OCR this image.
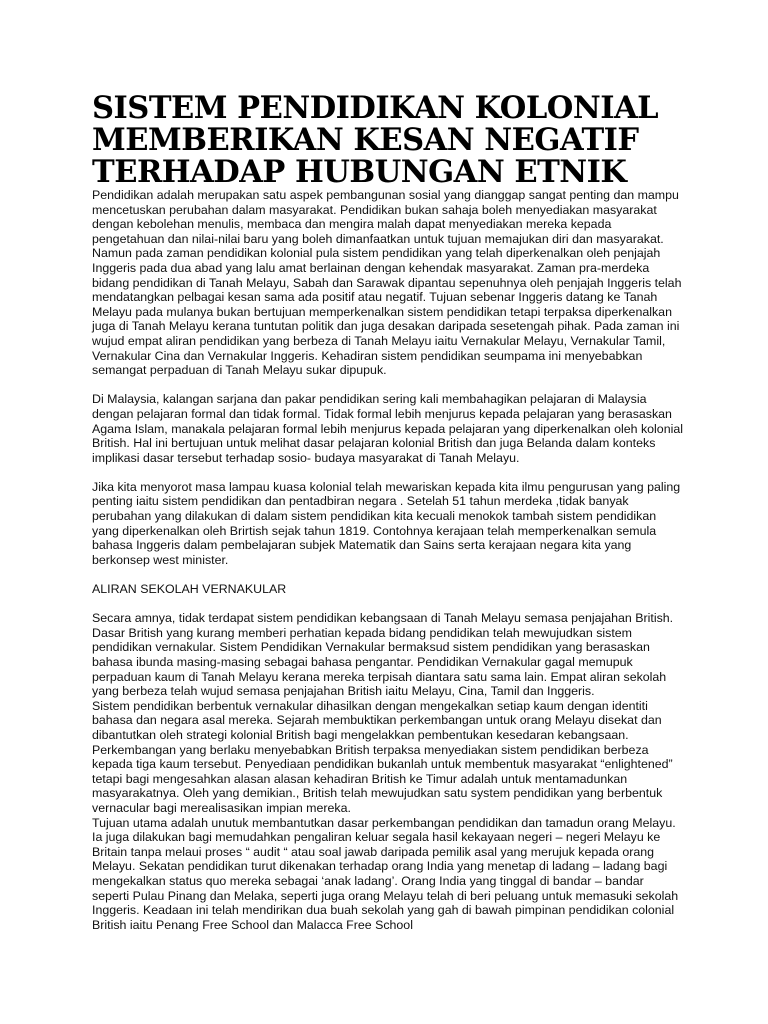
SISTEM PENDIDIKAN KOLONIAL MEMBERIKAN KESAN NEGATIF TERHADAP HUBUNGAN ETNIK

Pendidikan adalah merupakan satu aspek pembangunan sosial yang dianggap sangat penting dan mampu mencetuskan perubahan dalam masyarakat. Pendidikan bukan sahaja boleh menyediakan masyarakat dengan kebolehan menulis, membaca dan mengira malah dapat menyediakan mereka kepada pengetahuan dan nilai-nilai baru yang boleh dimanfaatkan untuk tujuan memajukan diri dan masyarakat. Namun pada zaman pendidikan kolonial pula sistem pendidikan yang telah diperkenalkan oleh penjajah Inggeris pada dua abad yang lalu amat berlainan dengan kehendak masyarakat. Zaman pra-merdeka bidang pendidikan di Tanah Melayu, Sabah dan Sarawak dipantau sepenuhnya oleh penjajah Inggeris telah mendatangkan pelbagai kesan sama ada positif atau negatif. Tujuan sebenar Inggeris datang ke Tanah Melayu pada mulanya bukan bertujuan memperkenalkan sistem pendidikan tetapi terpaksa diperkenalkan juga di Tanah Melayu kerana tuntutan politik dan juga desakan daripada sesetengah pihak. Pada zaman ini wujud empat aliran pendidikan yang berbeza di Tanah Melayu iaitu Vernakular Melayu, Vernakular Tamil, Vernakular Cina dan Vernakular Inggeris. Kehadiran sistem pendidikan seumpama ini menyebabkan semangat perpaduan di Tanah Melayu sukar dipupuk.

Di Malaysia, kalangan sarjana dan pakar pendidikan sering kali membahagikan pelajaran di Malaysia dengan pelajaran formal dan tidak formal. Tidak formal lebih menjurus kepada pelajaran yang berasaskan Agama Islam, manakala pelajaran formal lebih menjurus kepada pelajaran yang diperkenalkan oleh kolonial British. Hal ini bertujuan untuk melihat dasar pelajaran kolonial British dan juga Belanda dalam konteks implikasi dasar tersebut terhadap sosio- budaya masyarakat di Tanah Melayu.

Jika kita menyorot masa lampau kuasa kolonial telah mewariskan kepada kita ilmu pengurusan yang paling penting iaitu sistem pendidikan dan pentadbiran negara . Setelah 51 tahun merdeka ,tidak banyak perubahan yang dilakukan di dalam sistem pendidikan kita kecuali menokok tambah sistem pendidikan yang diperkenalkan oleh Brirtish sejak tahun 1819. Contohnya kerajaan telah memperkenalkan semula bahasa Inggeris dalam pembelajaran subjek Matematik dan Sains serta kerajaan negara kita yang berkonsep west minister.

ALIRAN SEKOLAH VERNAKULAR

Secara amnya, tidak terdapat sistem pendidikan kebangsaan di Tanah Melayu semasa penjajahan British. Dasar British yang kurang memberi perhatian kepada bidang pendidikan telah mewujudkan sistem pendidikan vernakular. Sistem Pendidikan Vernakular bermaksud sistem pendidikan yang berasaskan bahasa ibunda masing-masing sebagai bahasa pengantar. Pendidikan Vernakular gagal memupuk perpaduan kaum di Tanah Melayu kerana mereka terpisah diantara satu sama lain. Empat aliran sekolah yang berbeza telah wujud semasa penjajahan British iaitu Melayu, Cina, Tamil dan Inggeris.

Sistem pendidikan berbentuk vernakular dihasilkan dengan mengekalkan setiap kaum dengan identiti bahasa dan negara asal mereka. Sejarah membuktikan perkembangan untuk orang Melayu disekat dan dibantutkan oleh strategi kolonial British bagi mengelakkan pembentukan kesedaran kebangsaan. Perkembangan yang berlaku menyebabkan British terpaksa menyediakan sistem pendidikan berbeza kepada tiga kaum tersebut. Penyediaan pendidikan bukanlah untuk membentuk masyarakat “enlightened” tetapi bagi mengesahkan alasan alasan kehadiran British ke Timur adalah untuk mentamadunkan masyarakatnya. Oleh yang demikian., British telah mewujudkan satu system pendidikan yang berbentuk vernacular bagi merealisasikan impian mereka.

Tujuan utama adalah unutuk membantutkan dasar perkembangan pendidikan dan tamadun orang Melayu. Ia juga dilakukan bagi memudahkan pengaliran keluar segala hasil kekayaan negeri – negeri Melayu ke Britain tanpa melaui proses “ audit “ atau soal jawab daripada pemilik asal yang merujuk kepada orang Melayu. Sekatan pendidikan turut dikenakan terhadap orang India yang menetap di ladang – ladang bagi mengekalkan status quo mereka sebagai ‘anak ladang’. Orang India yang tinggal di bandar – bandar seperti Pulau Pinang dan Melaka, seperti juga orang Melayu telah di beri peluang untuk memasuki sekolah Inggeris. Keadaan ini telah mendirikan dua buah sekolah yang gah di bawah pimpinan pendidikan colonial British iaitu Penang Free School dan Malacca Free School
